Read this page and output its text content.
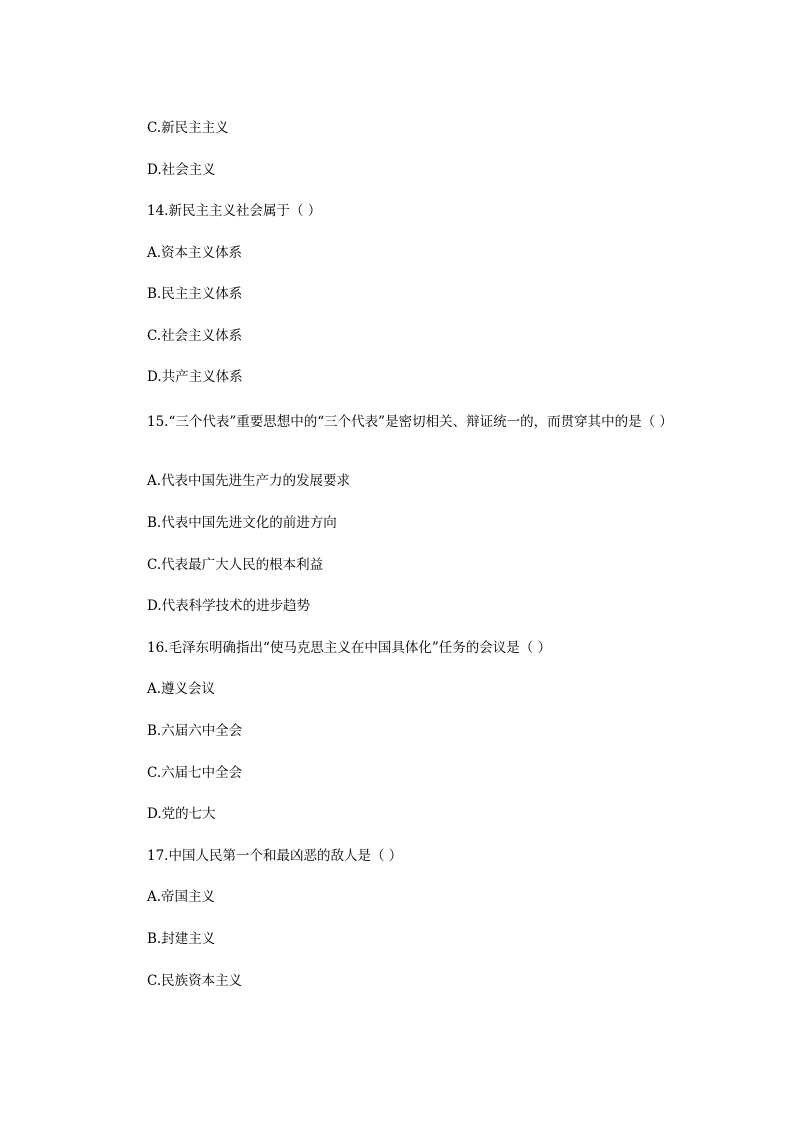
C.新民主主义
D.社会主义
14.新民主主义社会属于（ ）
A.资本主义体系
B.民主主义体系
C.社会主义体系
D.共产主义体系
15.“三个代表”重要思想中的“三个代表”是密切相关、辩证统一的，而贯穿其中的是（ ）
A.代表中国先进生产力的发展要求
B.代表中国先进文化的前进方向
C.代表最广大人民的根本利益
D.代表科学技术的进步趋势
16.毛泽东明确指出“使马克思主义在中国具体化”任务的会议是（ ）
A.遵义会议
B.六届六中全会
C.六届七中全会
D.党的七大
17.中国人民第一个和最凶恶的敌人是（ ）
A.帝国主义
B.封建主义
C.民族资本主义
